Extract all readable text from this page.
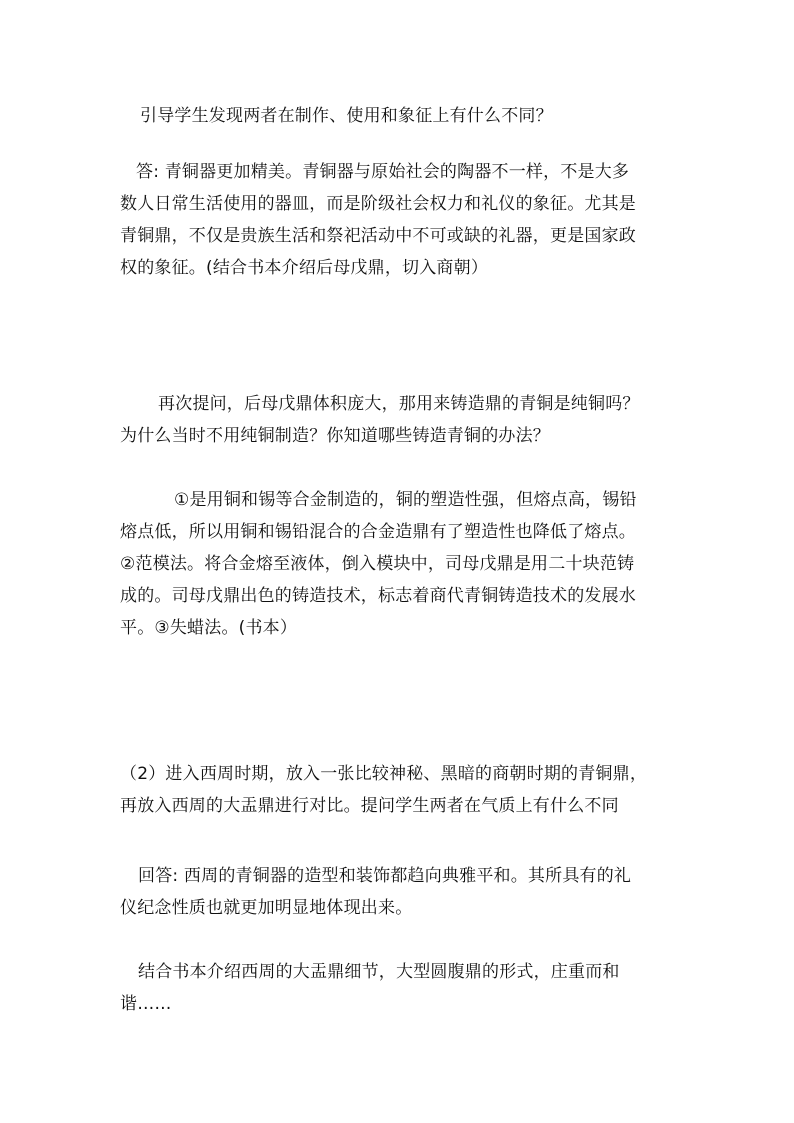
引导学生发现两者在制作、使用和象征上有什么不同？
答: 青铜器更加精美。青铜器与原始社会的陶器不一样，不是大多
数人日常生活使用的器皿，而是阶级社会权力和礼仪的象征。尤其是
青铜鼎，不仅是贵族生活和祭祀活动中不可或缺的礼器，更是国家政
权的象征。(结合书本介绍后母戊鼎，切入商朝）
再次提问，后母戊鼎体积庞大，那用来铸造鼎的青铜是纯铜吗？
为什么当时不用纯铜制造？你知道哪些铸造青铜的办法？
①是用铜和锡等合金制造的，铜的塑造性强，但熔点高，锡铅
熔点低，所以用铜和锡铅混合的合金造鼎有了塑造性也降低了熔点。
②范模法。将合金熔至液体，倒入模块中，司母戊鼎是用二十块范铸
成的。司母戊鼎出色的铸造技术，标志着商代青铜铸造技术的发展水
平。③失蜡法。(书本）
（2）进入西周时期，放入一张比较神秘、黑暗的商朝时期的青铜鼎，
再放入西周的大盂鼎进行对比。提问学生两者在气质上有什么不同
回答: 西周的青铜器的造型和装饰都趋向典雅平和。其所具有的礼
仪纪念性质也就更加明显地体现出来。
结合书本介绍西周的大盂鼎细节，大型圆腹鼎的形式，庄重而和
谐……
